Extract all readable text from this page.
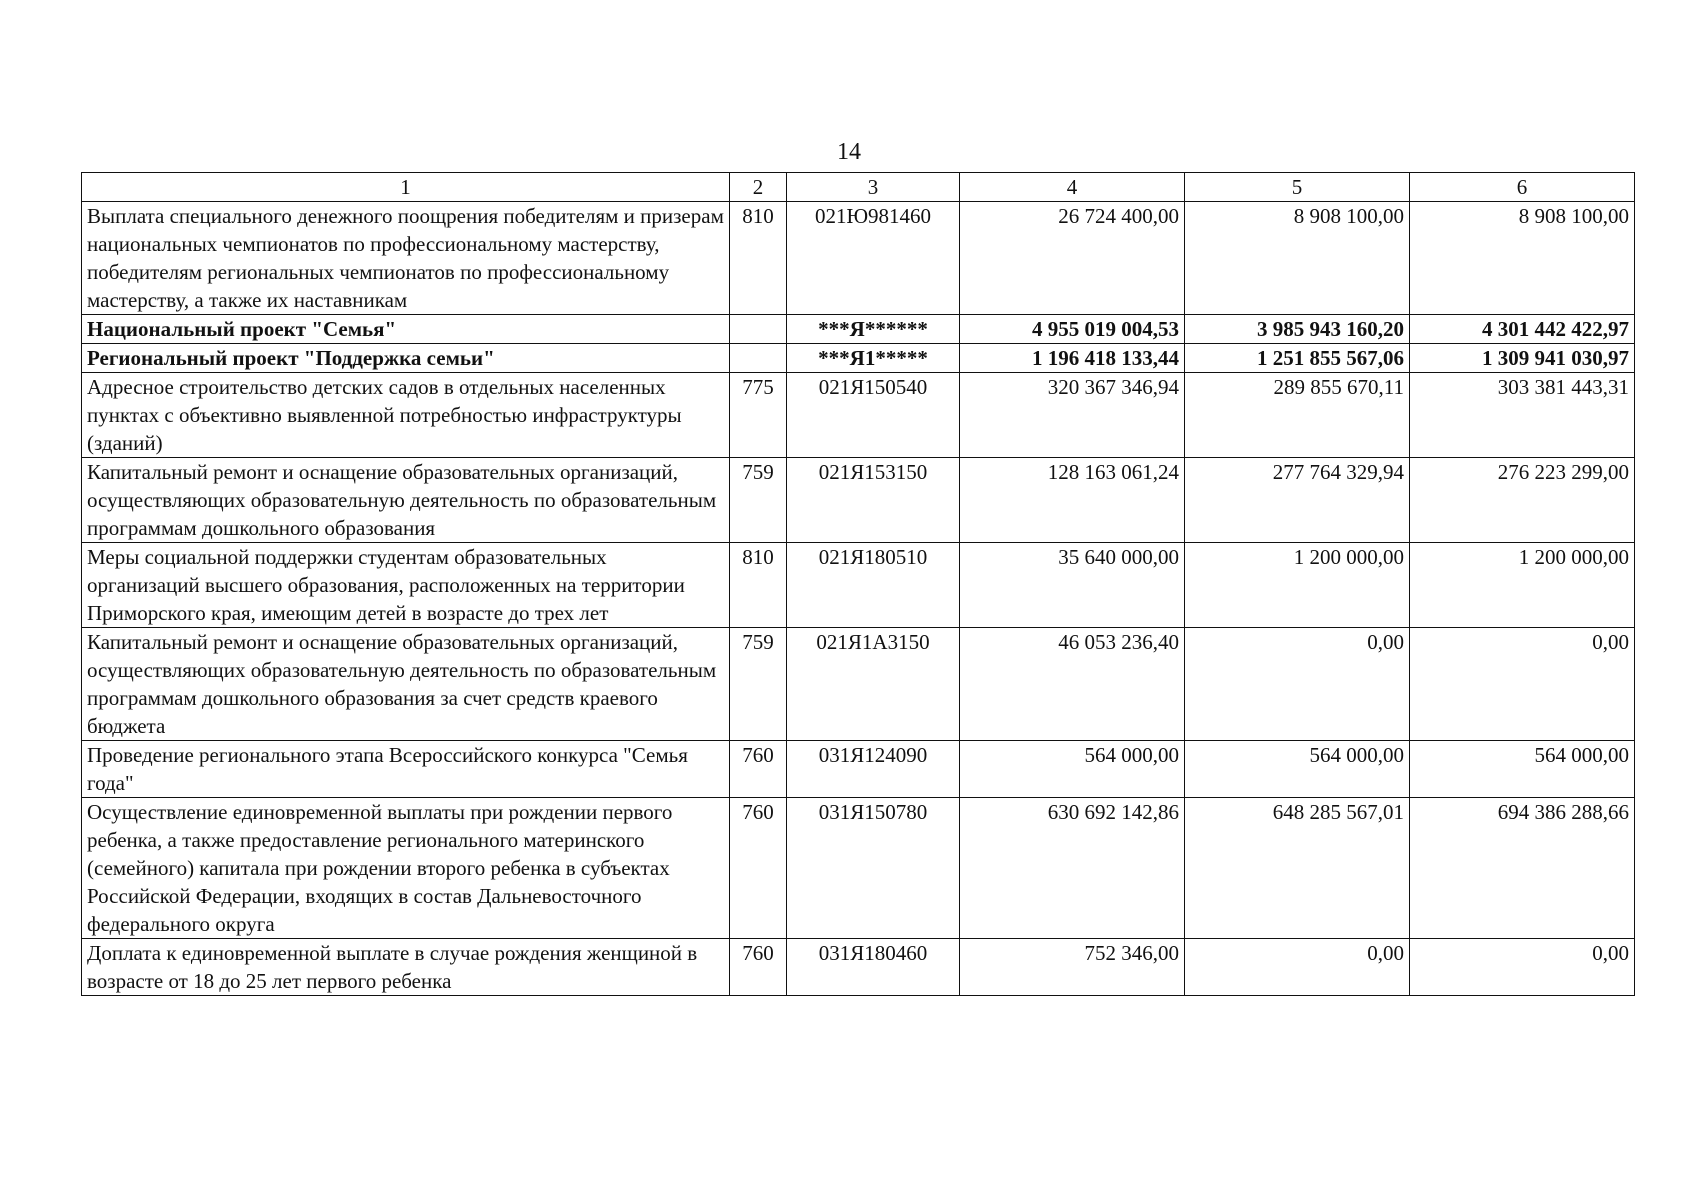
14
1	2	3	4	5	6
Выплата специального денежного поощрения победителям и призерам национальных чемпионатов по профессиональному мастерству, победителям региональных чемпионатов по профессиональному мастерству, а также их наставникам	810	021Ю981460	26 724 400,00	8 908 100,00	8 908 100,00
Национальный проект "Семья"		***Я******	4 955 019 004,53	3 985 943 160,20	4 301 442 422,97
Региональный проект "Поддержка семьи"		***Я1*****	1 196 418 133,44	1 251 855 567,06	1 309 941 030,97
Адресное строительство детских садов в отдельных населенных пунктах с объективно выявленной потребностью инфраструктуры (зданий)	775	021Я150540	320 367 346,94	289 855 670,11	303 381 443,31
Капитальный ремонт и оснащение образовательных организаций, осуществляющих образовательную деятельность по образовательным программам дошкольного образования	759	021Я153150	128 163 061,24	277 764 329,94	276 223 299,00
Меры социальной поддержки студентам образовательных организаций высшего образования, расположенных на территории Приморского края, имеющим детей в возрасте до трех лет	810	021Я180510	35 640 000,00	1 200 000,00	1 200 000,00
Капитальный ремонт и оснащение образовательных организаций, осуществляющих образовательную деятельность по образовательным программам дошкольного образования за счет средств краевого бюджета	759	021Я1А3150	46 053 236,40	0,00	0,00
Проведение регионального этапа Всероссийского конкурса "Семья года"	760	031Я124090	564 000,00	564 000,00	564 000,00
Осуществление единовременной выплаты при рождении первого ребенка, а также предоставление регионального материнского (семейного) капитала при рождении второго ребенка в субъектах Российской Федерации, входящих в состав Дальневосточного федерального округа	760	031Я150780	630 692 142,86	648 285 567,01	694 386 288,66
Доплата к единовременной выплате в случае рождения женщиной в возрасте от 18 до 25 лет первого ребенка	760	031Я180460	752 346,00	0,00	0,00
